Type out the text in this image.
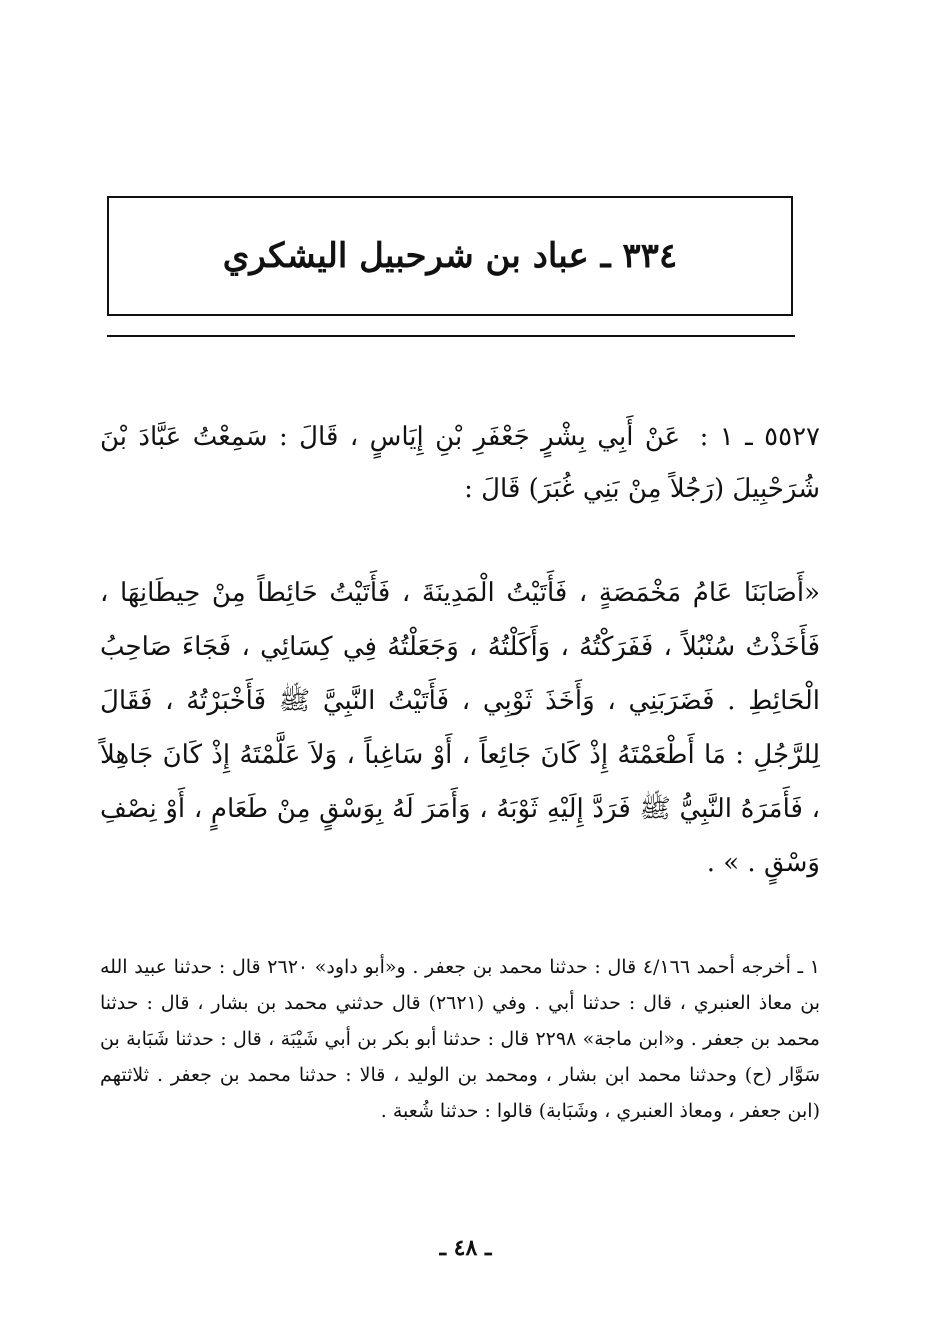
٣٣٤ ـ عباد بن شرحبيل اليشكري

٥٥٢٧ ـ ١ : عَنْ أَبِي بِشْرٍ جَعْفَرِ بْنِ إِيَاسٍ ، قَالَ : سَمِعْتُ عَبَّادَ بْنَ شُرَحْبِيلَ (رَجُلاً مِنْ بَنِي غُبَرَ) قَالَ :

«أَصَابَنَا عَامُ مَخْمَصَةٍ ، فَأَتَيْتُ الْمَدِينَةَ ، فَأَتَيْتُ حَائِطاً مِنْ حِيطَانِهَا ، فَأَخَذْتُ سُنْبُلاً ، فَفَرَكْتُهُ ، وَأَكَلْتُهُ ، وَجَعَلْتُهُ فِي كِسَائِي ، فَجَاءَ صَاحِبُ الْحَائِطِ . فَضَرَبَنِي ، وَأَخَذَ ثَوْبِي ، فَأَتَيْتُ النَّبِيَّ ﷺ فَأَخْبَرْتُهُ ، فَقَالَ لِلرَّجُلِ : مَا أَطْعَمْتَهُ إِذْ كَانَ جَائِعاً ، أَوْ سَاغِباً ، وَلاَ عَلَّمْتَهُ إِذْ كَانَ جَاهِلاً ، فَأَمَرَهُ النَّبِيُّ ﷺ فَرَدَّ إِلَيْهِ ثَوْبَهُ ، وَأَمَرَ لَهُ بِوَسْقٍ مِنْ طَعَامٍ ، أَوْ نِصْفِ وَسْقٍ . » .

١ ـ أخرجه أحمد ٤/١٦٦ قال : حدثنا محمد بن جعفر . و«أبو داود» ٢٦٢٠ قال : حدثنا عبيد الله بن معاذ العنبري ، قال : حدثنا أبي . وفي (٢٦٢١) قال حدثني محمد بن بشار ، قال : حدثنا محمد بن جعفر . و«ابن ماجة» ٢٢٩٨ قال : حدثنا أبو بكر بن أبي شَيْبَة ، قال : حدثنا شَبَابة بن سَوَّار (ح) وحدثنا محمد ابن بشار ، ومحمد بن الوليد ، قالا : حدثنا محمد بن جعفر . ثلاثتهم (ابن جعفر ، ومعاذ العنبري ، وشَبَابة) قالوا : حدثنا شُعبة .

ـ ٤٨ ـ
